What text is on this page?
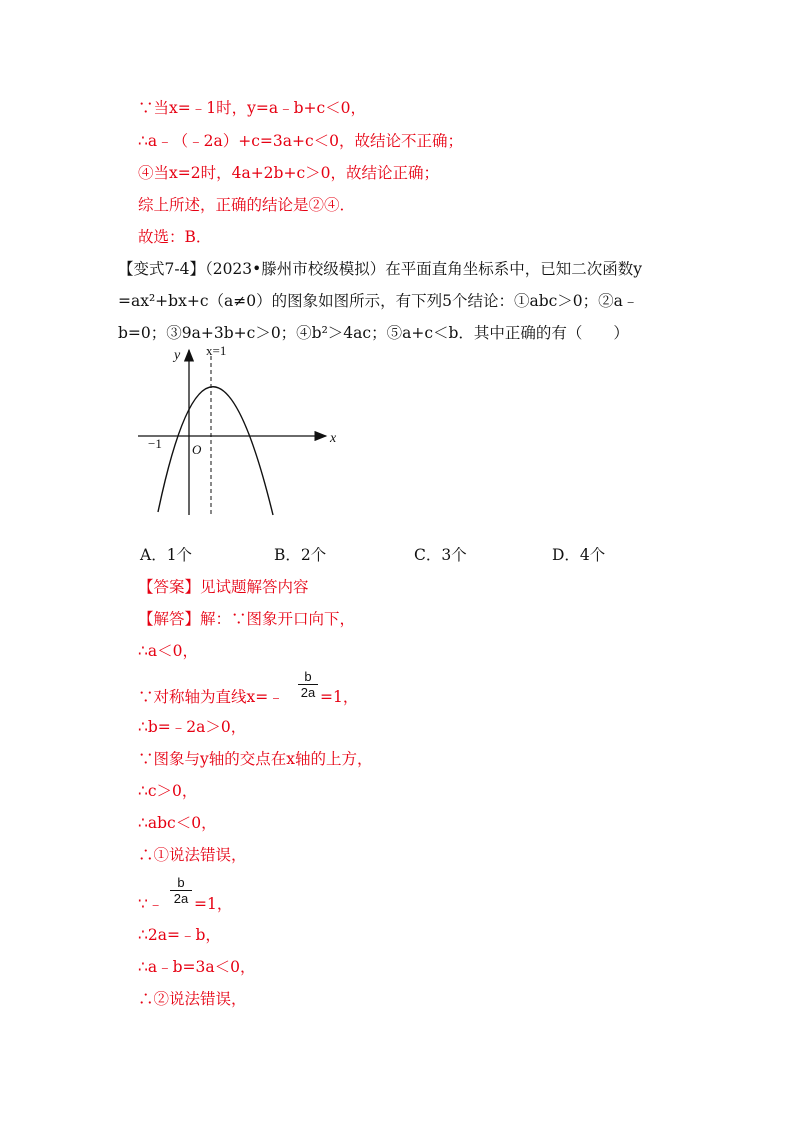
∵当x=﹣1时，y=a﹣b+c＜0，
∴a﹣（﹣2a）+c=3a+c＜0，故结论不正确；
④当x=2时，4a+2b+c＞0，故结论正确；
综上所述，正确的结论是②④．
故选：B．
【变式7-4】（2023•滕州市校级模拟）在平面直角坐标系中，已知二次函数y
=ax²+bx+c（a≠0）的图象如图所示，有下列5个结论：①abc＞0；②a﹣
b=0；③9a+3b+c＞0；④b²＞4ac；⑤a+c＜b．其中正确的有（　　）
y
x
O
−1
x=1
A．1个	B．2个	C．3个	D．4个
【答案】见试题解答内容
【解答】解：∵图象开口向下，
∴a＜0，
∵对称轴为直线x=﹣
b
2a =1，
∴b=﹣2a＞0，
∵图象与y轴的交点在x轴的上方，
∴c＞0，
∴abc＜0，
∴①说法错误，
∵﹣
b
2a =1，
∴2a=﹣b，
∴a﹣b=3a＜0，
∴②说法错误，
